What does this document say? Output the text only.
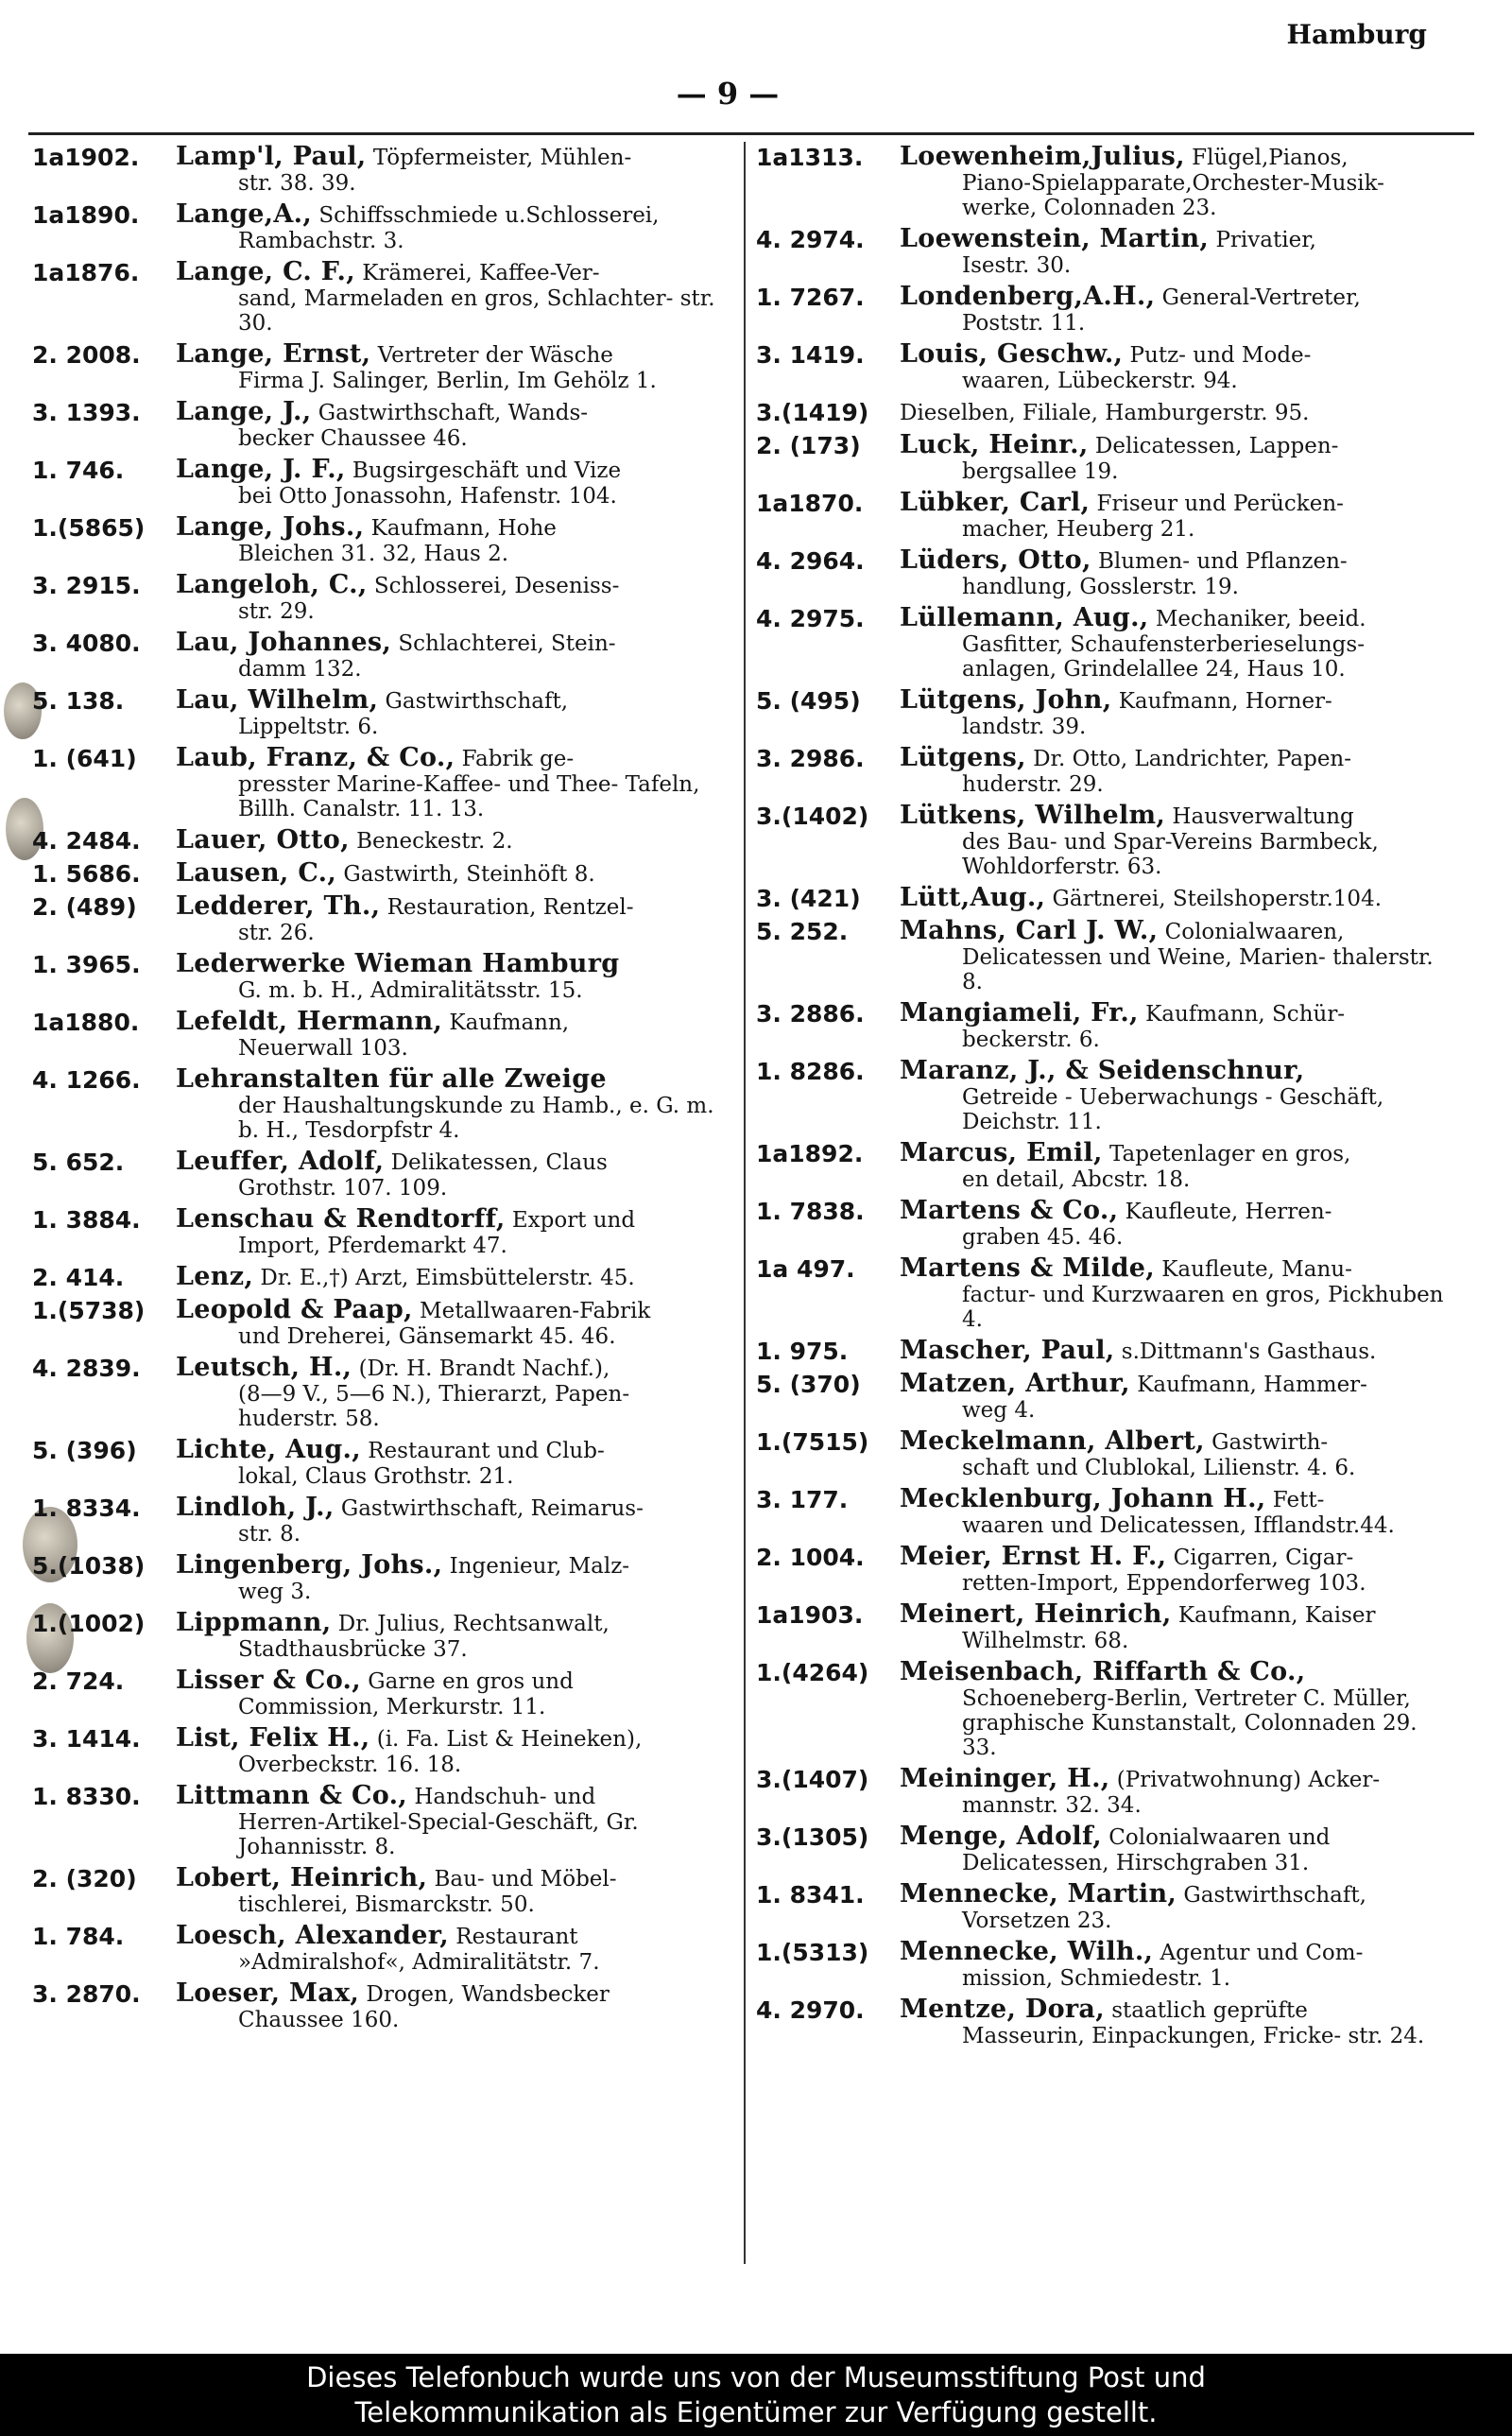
Hamburg
— 9 —
1a1902.	Lamp'l, Paul, Töpfermeister, Mühlen-
str. 38. 39.
1a1890.	Lange,A., Schiffsschmiede u.Schlosserei,
Rambachstr. 3.
1a1876.	Lange, C. F., Krämerei, Kaffee-Ver-
sand, Marmeladen en gros, Schlachter- str. 30.
2. 2008.	Lange, Ernst, Vertreter der Wäsche
Firma J. Salinger, Berlin, Im Gehölz 1.
3. 1393.	Lange, J., Gastwirthschaft, Wands-
becker Chaussee 46.
1. 746.	Lange, J. F., Bugsirgeschäft und Vize
bei Otto Jonassohn, Hafenstr. 104.
1.(5865)	Lange, Johs., Kaufmann, Hohe
Bleichen 31. 32, Haus 2.
3. 2915.	Langeloh, C., Schlosserei, Deseniss-
str. 29.
3. 4080.	Lau, Johannes, Schlachterei, Stein-
damm 132.
5. 138.	Lau, Wilhelm, Gastwirthschaft,
Lippeltstr. 6.
1. (641)	Laub, Franz, & Co., Fabrik ge-
presster Marine-Kaffee- und Thee- Tafeln, Billh. Canalstr. 11. 13.
4. 2484.	Lauer, Otto, Beneckestr. 2.
1. 5686.	Lausen, C., Gastwirth, Steinhöft 8.
2. (489)	Ledderer, Th., Restauration, Rentzel-
str. 26.
1. 3965.	Lederwerke Wieman Hamburg
G. m. b. H., Admiralitätsstr. 15.
1a1880.	Lefeldt, Hermann, Kaufmann,
Neuerwall 103.
4. 1266.	Lehranstalten für alle Zweige
der Haushaltungskunde zu Hamb., e. G. m. b. H., Tesdorpfstr 4.
5. 652.	Leuffer, Adolf, Delikatessen, Claus
Grothstr. 107. 109.
1. 3884.	Lenschau & Rendtorff, Export und
Import, Pferdemarkt 47.
2. 414.	Lenz, Dr. E.,†) Arzt, Eimsbüttelerstr. 45.
1.(5738)	Leopold & Paap, Metallwaaren-Fabrik
und Dreherei, Gänsemarkt 45. 46.
4. 2839.	Leutsch, H., (Dr. H. Brandt Nachf.),
(8—9 V., 5—6 N.), Thierarzt, Papen- huderstr. 58.
5. (396)	Lichte, Aug., Restaurant und Club-
lokal, Claus Grothstr. 21.
1. 8334.	Lindloh, J., Gastwirthschaft, Reimarus-
str. 8.
5.(1038)	Lingenberg, Johs., Ingenieur, Malz-
weg 3.
1.(1002)	Lippmann, Dr. Julius, Rechtsanwalt,
Stadthausbrücke 37.
2. 724.	Lisser & Co., Garne en gros und
Commission, Merkurstr. 11.
3. 1414.	List, Felix H., (i. Fa. List & Heineken),
Overbeckstr. 16. 18.
1. 8330.	Littmann & Co., Handschuh- und
Herren-Artikel-Special-Geschäft, Gr. Johannisstr. 8.
2. (320)	Lobert, Heinrich, Bau- und Möbel-
tischlerei, Bismarckstr. 50.
1. 784.	Loesch, Alexander, Restaurant
»Admiralshof«, Admiralitätstr. 7.
3. 2870.	Loeser, Max, Drogen, Wandsbecker
Chaussee 160.
1a1313.	Loewenheim,Julius, Flügel,Pianos,
Piano-Spielapparate,Orchester-Musik- werke, Colonnaden 23.
4. 2974.	Loewenstein, Martin, Privatier,
Isestr. 30.
1. 7267.	Londenberg,A.H., General-Vertreter,
Poststr. 11.
3. 1419.	Louis, Geschw., Putz- und Mode-
waaren, Lübeckerstr. 94.
3.(1419)	Dieselben, Filiale, Hamburgerstr. 95.
2. (173)	Luck, Heinr., Delicatessen, Lappen-
bergsallee 19.
1a1870.	Lübker, Carl, Friseur und Perücken-
macher, Heuberg 21.
4. 2964.	Lüders, Otto, Blumen- und Pflanzen-
handlung, Gosslerstr. 19.
4. 2975.	Lüllemann, Aug., Mechaniker, beeid.
Gasfitter, Schaufensterberieselungs- anlagen, Grindelallee 24, Haus 10.
5. (495)	Lütgens, John, Kaufmann, Horner-
landstr. 39.
3. 2986.	Lütgens, Dr. Otto, Landrichter, Papen-
huderstr. 29.
3.(1402)	Lütkens, Wilhelm, Hausverwaltung
des Bau- und Spar-Vereins Barmbeck, Wohldorferstr. 63.
3. (421)	Lütt,Aug., Gärtnerei, Steilshoperstr.104.
5. 252.	Mahns, Carl J. W., Colonialwaaren,
Delicatessen und Weine, Marien- thalerstr. 8.
3. 2886.	Mangiameli, Fr., Kaufmann, Schür-
beckerstr. 6.
1. 8286.	Maranz, J., & Seidenschnur,
Getreide - Ueberwachungs - Geschäft, Deichstr. 11.
1a1892.	Marcus, Emil, Tapetenlager en gros,
en detail, Abcstr. 18.
1. 7838.	Martens & Co., Kaufleute, Herren-
graben 45. 46.
1a 497.	Martens & Milde, Kaufleute, Manu-
factur- und Kurzwaaren en gros, Pickhuben 4.
1. 975.	Mascher, Paul, s.Dittmann's Gasthaus.
5. (370)	Matzen, Arthur, Kaufmann, Hammer-
weg 4.
1.(7515)	Meckelmann, Albert, Gastwirth-
schaft und Clublokal, Lilienstr. 4. 6.
3. 177.	Mecklenburg, Johann H., Fett-
waaren und Delicatessen, Ifflandstr.44.
2. 1004.	Meier, Ernst H. F., Cigarren, Cigar-
retten-Import, Eppendorferweg 103.
1a1903.	Meinert, Heinrich, Kaufmann, Kaiser
Wilhelmstr. 68.
1.(4264)	Meisenbach, Riffarth & Co.,
Schoeneberg-Berlin, Vertreter C. Müller, graphische Kunstanstalt, Colonnaden 29. 33.
3.(1407)	Meininger, H., (Privatwohnung) Acker-
mannstr. 32. 34.
3.(1305)	Menge, Adolf, Colonialwaaren und
Delicatessen, Hirschgraben 31.
1. 8341.	Mennecke, Martin, Gastwirthschaft,
Vorsetzen 23.
1.(5313)	Mennecke, Wilh., Agentur und Com-
mission, Schmiedestr. 1.
4. 2970.	Mentze, Dora, staatlich geprüfte
Masseurin, Einpackungen, Fricke- str. 24.
Dieses Telefonbuch wurde uns von der Museumsstiftung Post und
Telekommunikation als Eigentümer zur Verfügung gestellt.
